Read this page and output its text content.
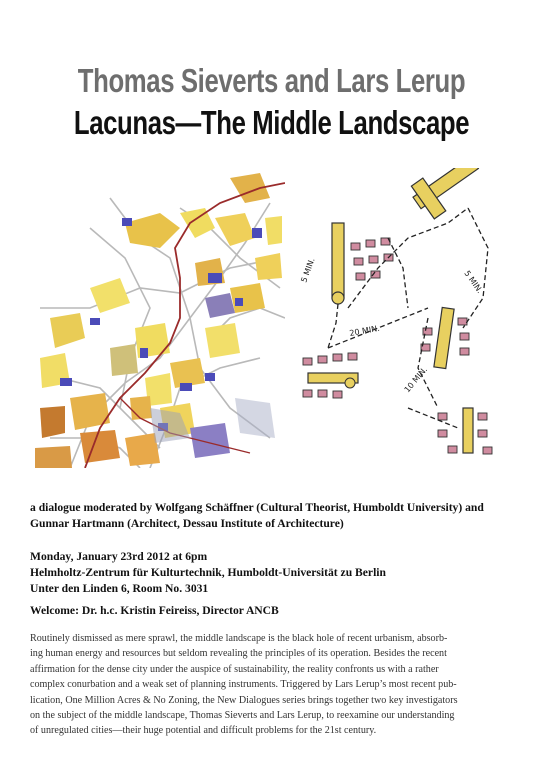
Thomas Sieverts and Lars Lerup
Lacunas—The Middle Landscape
5 MIN.
20 MIN.
5 MIN.
10 MIN.
a dialogue moderated by Wolfgang Schäffner (Cultural Theorist, Humboldt University) and
Gunnar Hartmann (Architect, Dessau Institute of Architecture)
Monday, January 23rd 2012 at 6pm
Helmholtz-Zentrum für Kulturtechnik, Humboldt-Universität zu Berlin
Unter den Linden 6, Room No. 3031
Welcome: Dr. h.c. Kristin Feireiss, Director ANCB
Routinely dismissed as mere sprawl, the middle landscape is the black hole of recent urbanism, absorb-
ing human energy and resources but seldom revealing the principles of its operation. Besides the recent
affirmation for the dense city under the auspice of sustainability, the reality confronts us with a rather
complex conurbation and a weak set of planning instruments. Triggered by Lars Lerup’s most recent pub-
lication, One Million Acres & No Zoning, the New Dialogues series brings together two key investigators
on the subject of the middle landscape, Thomas Sieverts and Lars Lerup, to reexamine our understanding
of unregulated cities—their huge potential and difficult problems for the 21st century.
